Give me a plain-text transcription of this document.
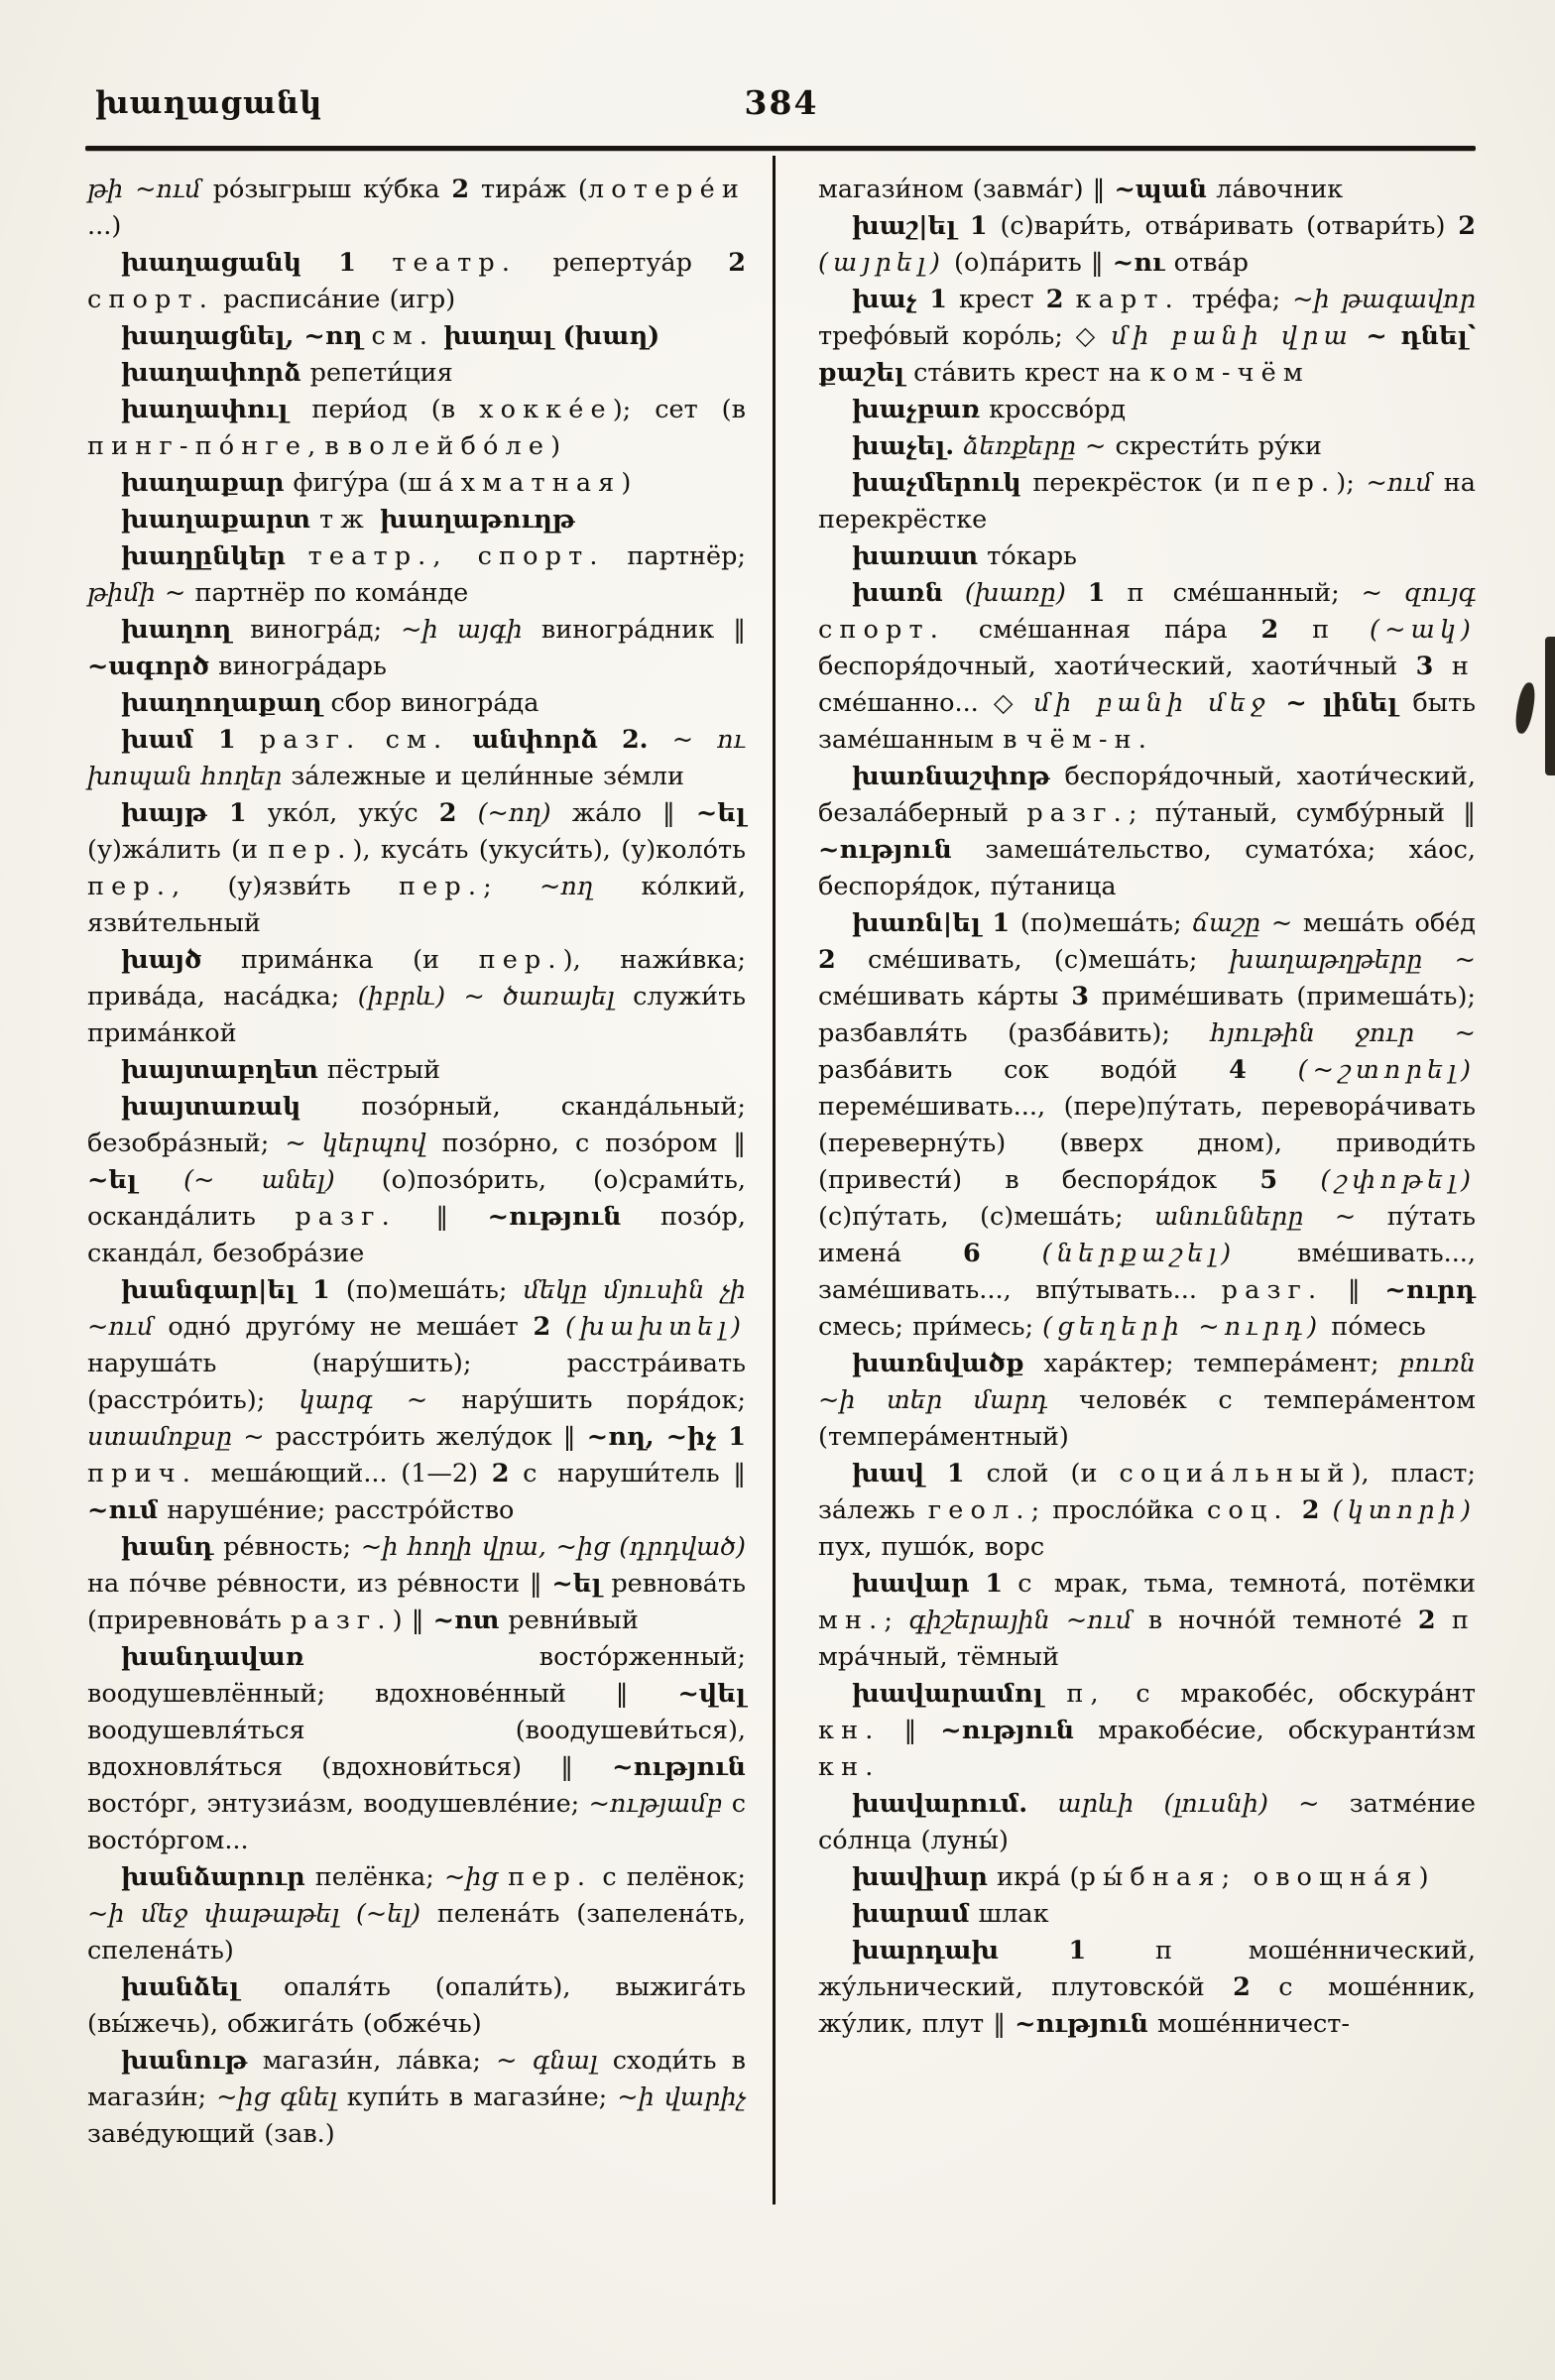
խաղացանկ	384

թի ~ում ро́зыгрыш ку́бка 2 тира́ж (лотере́и ...)

խաղացանկ 1 театр. репертуа́р 2 спорт. расписа́ние (игр)

խաղացնել, ~ող см. խաղալ (խաղ)

խաղափորձ репети́ция

խաղափուլ пери́од (в хокке́е); сет (в пинг-по́нге, в волейбо́ле)

խաղաքար фигу́ра (ша́хматная)

խաղաքարտ тж խաղաթուղթ

խաղընկեր театр., спорт. партнёр; թիմի ~ партнёр по кома́нде

խաղող виногра́д; ~ի այգի виногра́дник ‖ ~ագործ виногра́дарь

խաղողաքաղ сбор виногра́да

խամ 1 разг. см. անփորձ 2. ~ ու խոպան հողեր за́лежные и цели́нные зе́мли

խայթ 1 уко́л, уку́с 2 (~ող) жа́ло ‖ ~ել (у)жа́лить (и пер.), куса́ть (укуси́ть), (у)коло́ть пер., (у)язви́ть пер.; ~ող ко́лкий, язви́тельный

խայծ прима́нка (и пер.), нажи́вка; прива́да, наса́дка; (իբրև) ~ ծառայել служи́ть прима́нкой

խայտաբղետ пёстрый

խայտառակ позо́рный, сканда́льный; безобра́зный; ~ կերպով позо́рно, с позо́ром ‖ ~ել (~ անել) (о)позо́рить, (о)срами́ть, осканда́лить разг. ‖ ~ություն позо́р, сканда́л, безобра́зие

խանգար|ել 1 (по)меша́ть; մեկը մյուսին չի ~ում одно́ друго́му не меша́ет 2 (խախտել) наруша́ть (нару́шить); расстра́ивать (расстро́ить); կարգ ~ нару́шить поря́док; ստամոքսը ~ расстро́ить желу́док ‖ ~ող, ~իչ 1 прич. меша́ющий... (1—2) 2 с наруши́тель ‖ ~ում наруше́ние; расстро́йство

խանդ ре́вность; ~ի հողի վրա, ~ից (դրդված) на по́чве ре́вности, из ре́вности ‖ ~ել ревнова́ть (приревнова́ть разг.) ‖ ~ոտ ревни́вый

խանդավառ восто́рженный; воодушевлённый; вдохнове́нный ‖ ~վել воодушевля́ться (воодушеви́ться), вдохновля́ться (вдохнови́ться) ‖ ~ություն восто́рг, энтузиа́зм, воодушевле́ние; ~ությամբ с восто́ргом...

խանձարուր пелёнка; ~ից пер. с пелёнок; ~ի մեջ փաթաթել (~ել) пелена́ть (запелена́ть, спелена́ть)

խանձել опаля́ть (опали́ть), выжига́ть (вы́жечь), обжига́ть (обже́чь)

խանութ магази́н, ла́вка; ~ գնալ сходи́ть в магази́н; ~ից գնել купи́ть в магази́не; ~ի վարիչ заве́дующий (зав.)

магази́ном (завма́г) ‖ ~պան ла́вочник

խաշ|ել 1 (с)вари́ть, отва́ривать (отвари́ть) 2 (այրել) (о)па́рить ‖ ~ու отва́р

խաչ 1 крест 2 карт. тре́фа; ~ի թագավոր трефо́вый коро́ль; ◇ մի բանի վրա ~ դնել՝ քաշել ста́вить крест на ком-чём

խաչբառ кроссво́рд

խաչել. ձեռքերը ~ скрести́ть ру́ки

խաչմերուկ перекрёсток (и пер.); ~ում на перекрёстке

խառատ то́карь

խառն (խառը) 1 п сме́шанный; ~ զույգ спорт. сме́шанная па́ра 2 п (~ակ) беспоря́дочный, хаоти́ческий, хаоти́чный 3 н сме́шанно... ◇ մի բանի մեջ ~ լինել быть заме́шанным в чём-н.

խառնաշփոթ беспоря́дочный, хаоти́ческий, безала́берный разг.; пу́таный, сумбу́рный ‖ ~ություն замеша́тельство, сумато́ха; ха́ос, беспоря́док, пу́таница

խառն|ել 1 (по)меша́ть; ճաշը ~ меша́ть обе́д 2 сме́шивать, (с)меша́ть; խաղաթղթերը ~ сме́шивать ка́рты 3 приме́шивать (примеша́ть); разбавля́ть (разба́вить); հյութին ջուր ~ разба́вить сок водо́й 4 (~շտորել) переме́шивать..., (пере)пу́тать, перевора́чивать (переверну́ть) (вверх дном), приводи́ть (привести́) в беспоря́док 5 (շփոթել) (с)пу́тать, (с)меша́ть; անունները ~ пу́тать имена́ 6 (ներքաշել) вме́шивать..., заме́шивать..., впу́тывать... разг. ‖ ~ուրդ смесь; при́месь; (ցեղերի ~ուրդ) по́месь

խառնվածք хара́ктер; темпера́мент; բուռն ~ի տեր մարդ челове́к с темпера́ментом (темпера́ментный)

խավ 1 слой (и социа́льный), пласт; за́лежь геол.; просло́йка соц. 2 (կտորի) пух, пушо́к, ворс

խավար 1 с мрак, тьма, темнота́, потёмки мн.; գիշերային ~ում в ночно́й темноте́ 2 п мра́чный, тёмный

խավարամոլ п, с мракобе́с, обскура́нт кн. ‖ ~ություն мракобе́сие, обскуранти́зм кн.

խավարում. արևի (լուսնի) ~ затме́ние со́лнца (луны́)

խավիար икра́ (ры́бная; овощна́я)

խարամ шлак

խարդախ 1	п моше́ннический, жу́льнический, плутовско́й 2 с моше́нник, жу́лик, плут ‖ ~ություն моше́нничест-
